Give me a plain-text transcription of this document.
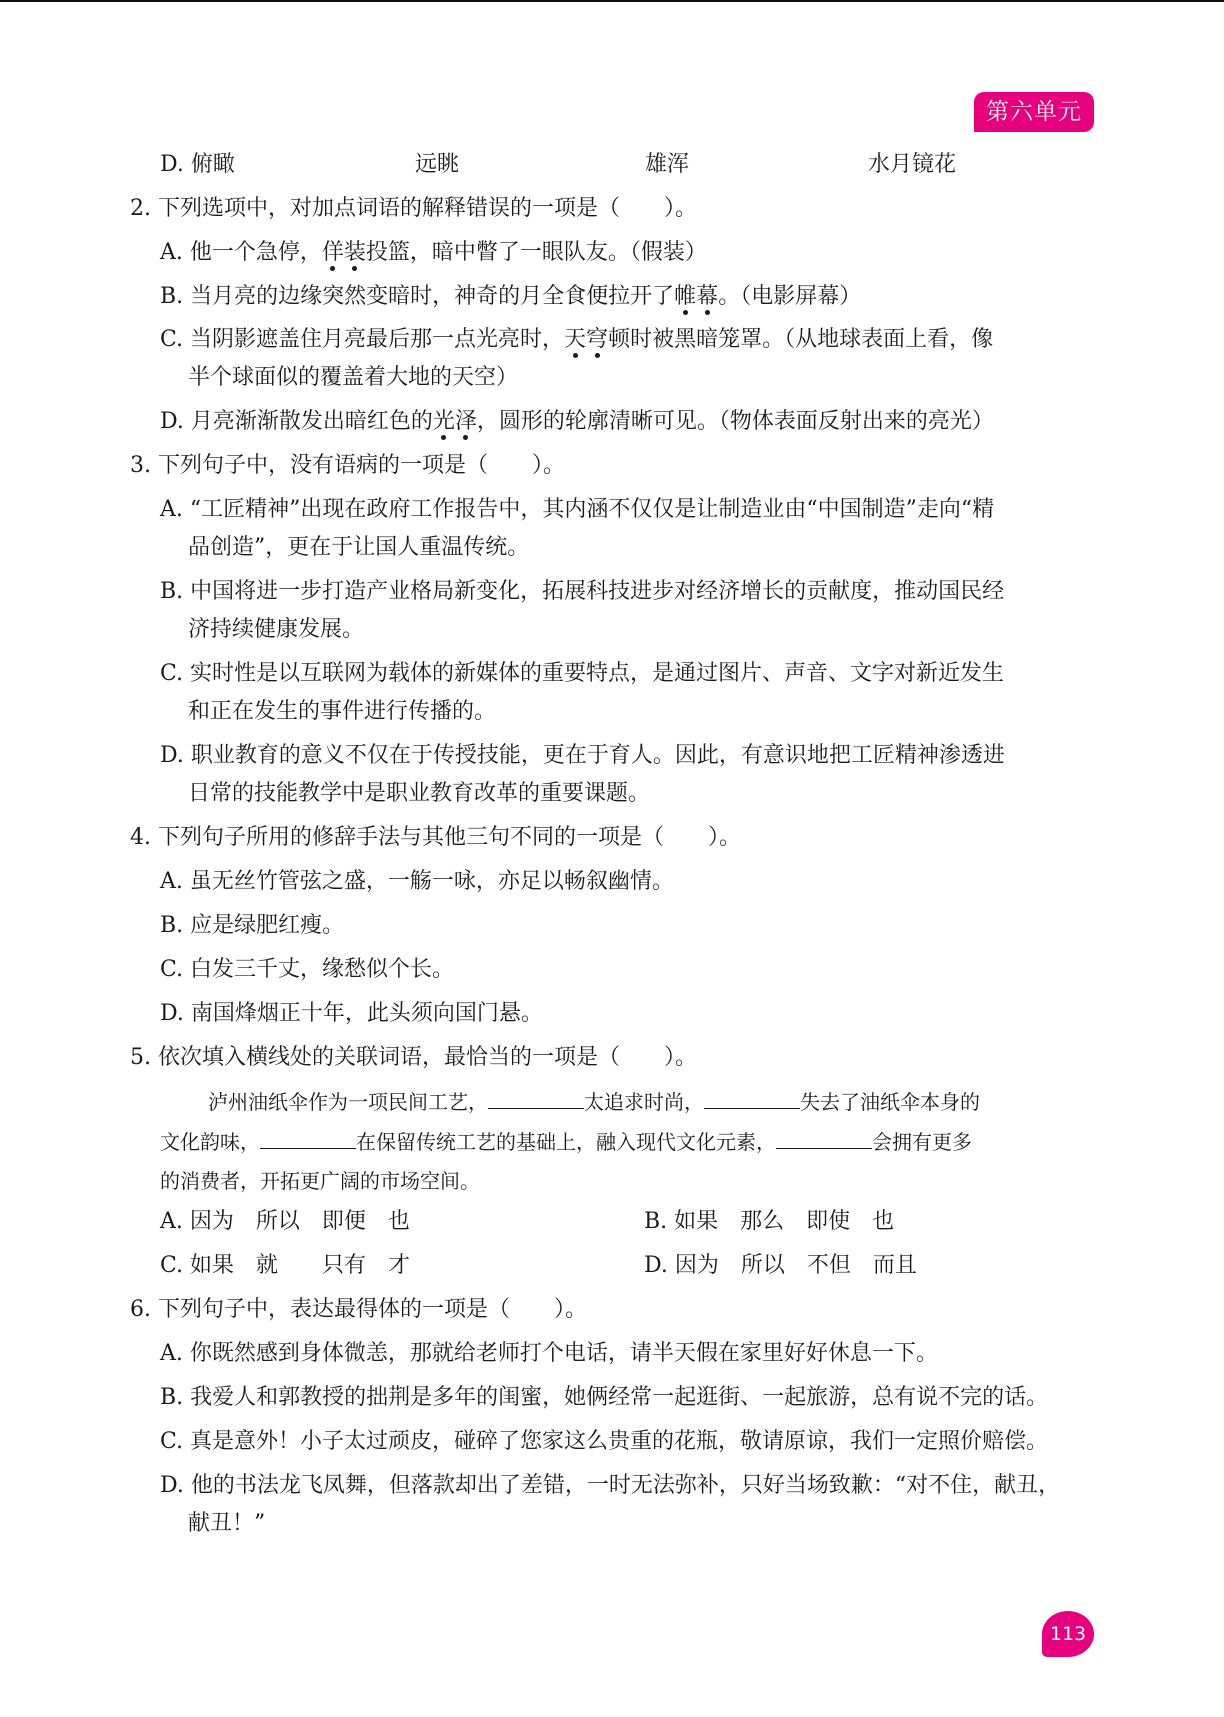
第六单元
D. 俯瞰	远眺	雄浑	水月镜花
2. 下列选项中，对加点词语的解释错误的一项是（　　）。
A. 他一个急停，佯装投篮，暗中瞥了一眼队友。（假装）
B. 当月亮的边缘突然变暗时，神奇的月全食便拉开了帷幕。（电影屏幕）
C. 当阴影遮盖住月亮最后那一点光亮时，天穹顿时被黑暗笼罩。（从地球表面上看，像
半个球面似的覆盖着大地的天空）
D. 月亮渐渐散发出暗红色的光泽，圆形的轮廓清晰可见。（物体表面反射出来的亮光）
3. 下列句子中，没有语病的一项是（　　）。
A. “工匠精神”出现在政府工作报告中，其内涵不仅仅是让制造业由“中国制造”走向“精
品创造”，更在于让国人重温传统。
B. 中国将进一步打造产业格局新变化，拓展科技进步对经济增长的贡献度，推动国民经
济持续健康发展。
C. 实时性是以互联网为载体的新媒体的重要特点，是通过图片、声音、文字对新近发生
和正在发生的事件进行传播的。
D. 职业教育的意义不仅在于传授技能，更在于育人。因此，有意识地把工匠精神渗透进
日常的技能教学中是职业教育改革的重要课题。
4. 下列句子所用的修辞手法与其他三句不同的一项是（　　）。
A. 虽无丝竹管弦之盛，一觞一咏，亦足以畅叙幽情。
B. 应是绿肥红瘦。
C. 白发三千丈，缘愁似个长。
D. 南国烽烟正十年，此头须向国门悬。
5. 依次填入横线处的关联词语，最恰当的一项是（　　）。
泸州油纸伞作为一项民间工艺，	太追求时尚，	失去了油纸伞本身的
文化韵味，	在保留传统工艺的基础上，融入现代文化元素，	会拥有更多
的消费者，开拓更广阔的市场空间。
A. 因为　所以　即便　也	B. 如果　那么　即使　也
C. 如果　就　　只有　才	D. 因为　所以　不但　而且
6. 下列句子中，表达最得体的一项是（　　）。
A. 你既然感到身体微恙，那就给老师打个电话，请半天假在家里好好休息一下。
B. 我爱人和郭教授的拙荆是多年的闺蜜，她俩经常一起逛街、一起旅游，总有说不完的话。
C. 真是意外！小子太过顽皮，碰碎了您家这么贵重的花瓶，敬请原谅，我们一定照价赔偿。
D. 他的书法龙飞凤舞，但落款却出了差错，一时无法弥补，只好当场致歉：“对不住，献丑，
献丑！”
113
